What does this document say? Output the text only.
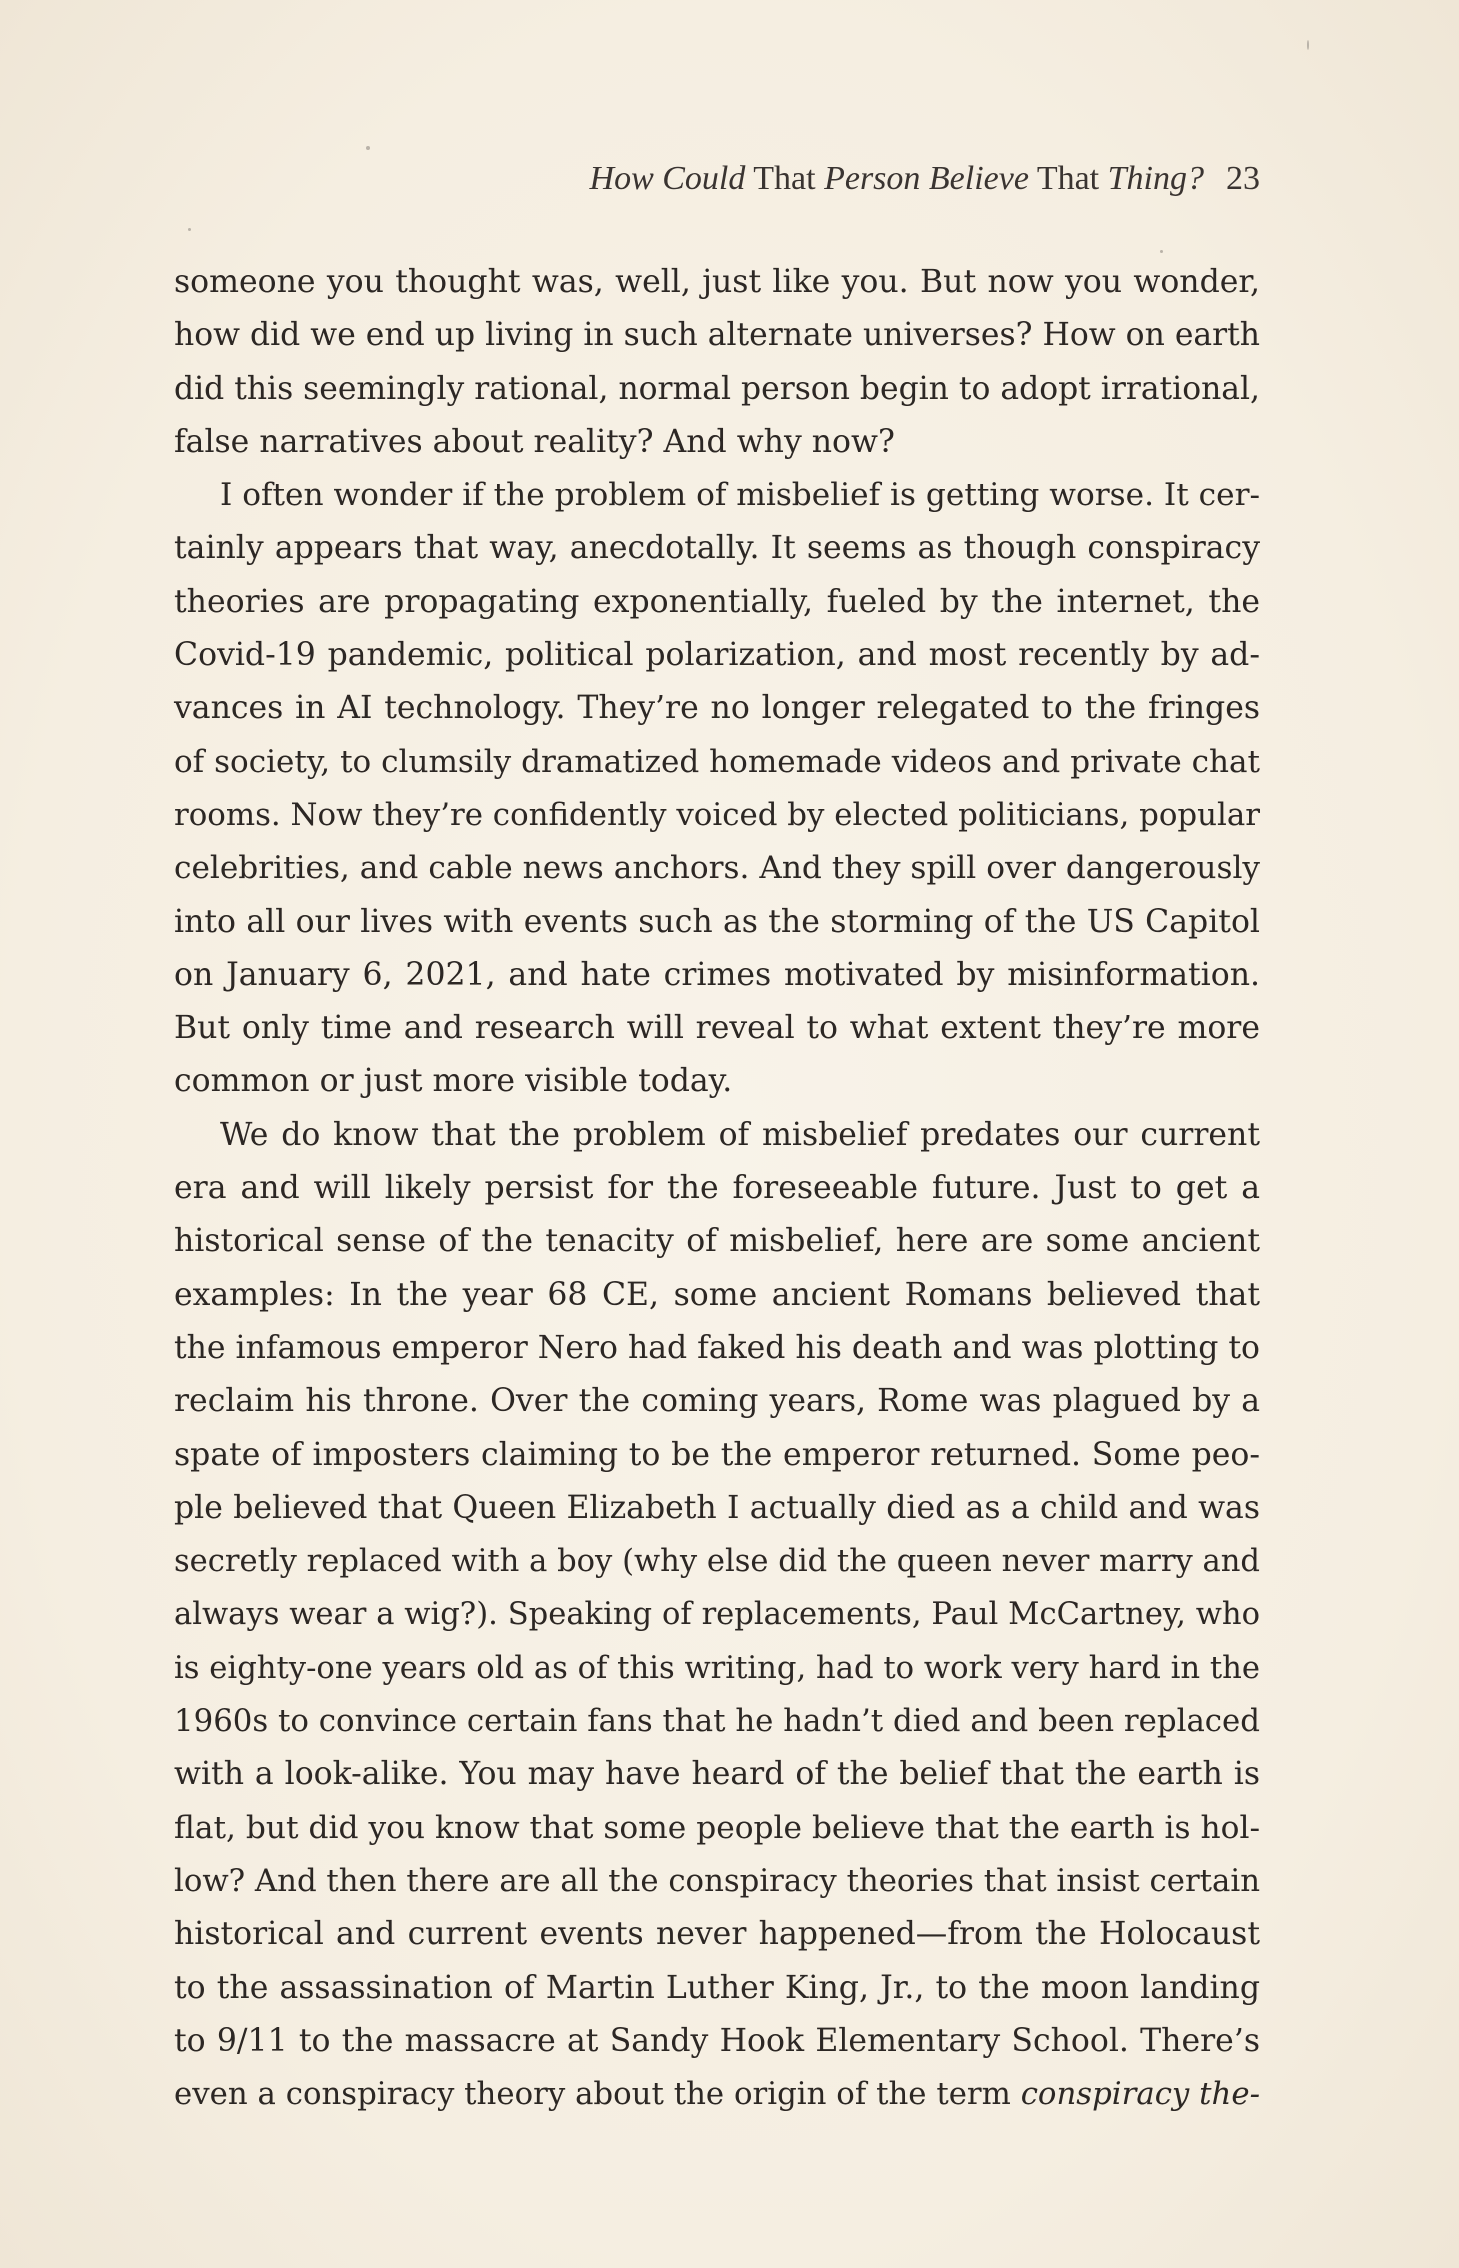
How Could That Person Believe That Thing? 23
someone you thought was, well, just like you. But now you wonder,
how did we end up living in such alternate universes? How on earth
did this seemingly rational, normal person begin to adopt irrational,
false narratives about reality? And why now?
I often wonder if the problem of misbelief is getting worse. It cer-
tainly appears that way, anecdotally. It seems as though conspiracy
theories are propagating exponentially, fueled by the internet, the
Covid-19 pandemic, political polarization, and most recently by ad-
vances in AI technology. They’re no longer relegated to the fringes
of society, to clumsily dramatized homemade videos and private chat
rooms. Now they’re confidently voiced by elected politicians, popular
celebrities, and cable news anchors. And they spill over dangerously
into all our lives with events such as the storming of the US Capitol
on January 6, 2021, and hate crimes motivated by misinformation.
But only time and research will reveal to what extent they’re more
common or just more visible today.
We do know that the problem of misbelief predates our current
era and will likely persist for the foreseeable future. Just to get a
historical sense of the tenacity of misbelief, here are some ancient
examples: In the year 68 CE, some ancient Romans believed that
the infamous emperor Nero had faked his death and was plotting to
reclaim his throne. Over the coming years, Rome was plagued by a
spate of imposters claiming to be the emperor returned. Some peo-
ple believed that Queen Elizabeth I actually died as a child and was
secretly replaced with a boy (why else did the queen never marry and
always wear a wig?). Speaking of replacements, Paul McCartney, who
is eighty-one years old as of this writing, had to work very hard in the
1960s to convince certain fans that he hadn’t died and been replaced
with a look-alike. You may have heard of the belief that the earth is
flat, but did you know that some people believe that the earth is hol-
low? And then there are all the conspiracy theories that insist certain
historical and current events never happened—from the Holocaust
to the assassination of Martin Luther King, Jr., to the moon landing
to 9/11 to the massacre at Sandy Hook Elementary School. There’s
even a conspiracy theory about the origin of the term conspiracy the-
